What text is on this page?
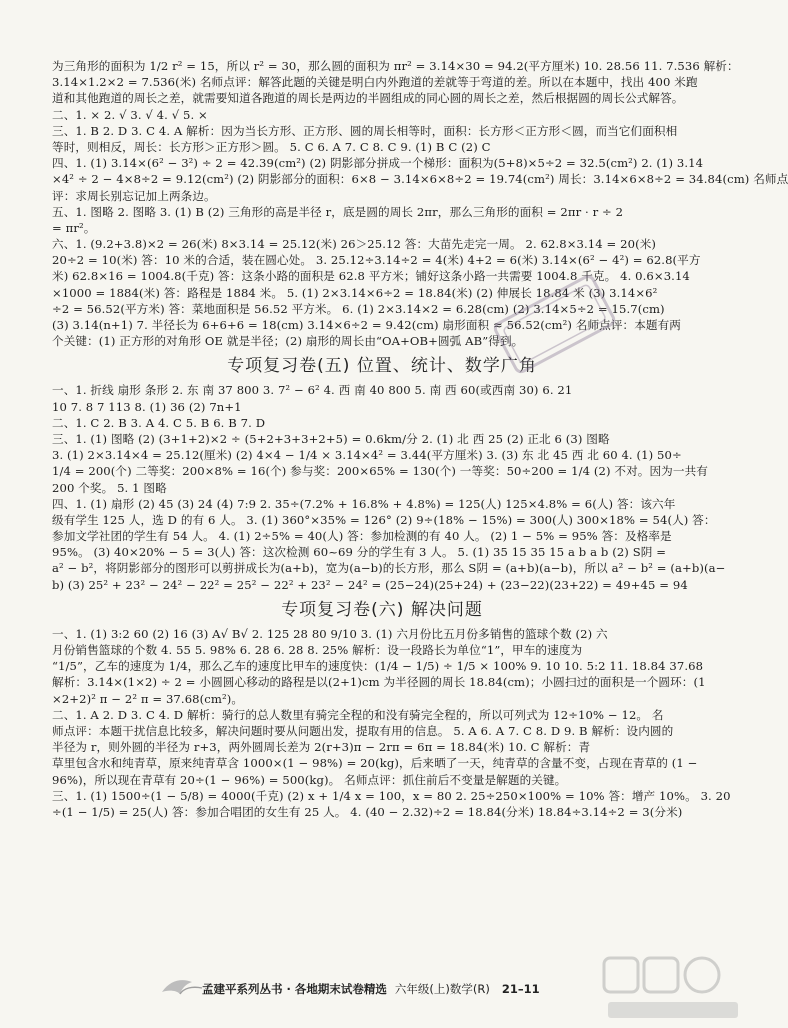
为三角形的面积为 1/2 r² = 15，所以 r² = 30，那么圆的面积为 πr² = 3.14×30 = 94.2(平方厘米) 10. 28.56 11. 7.536 解析：
3.14×1.2×2 = 7.536(米) 名师点评：解答此题的关键是明白内外跑道的差就等于弯道的差。所以在本题中，找出 400 米跑
道和其他跑道的周长之差，就需要知道各跑道的周长是两边的半圆组成的同心圆的周长之差，然后根据圆的周长公式解答。
二、1. × 2. √ 3. √ 4. √ 5. ×
三、1. B 2. D 3. C 4. A 解析：因为当长方形、正方形、圆的周长相等时，面积：长方形＜正方形＜圆，而当它们面积相
等时，则相反，周长：长方形＞正方形＞圆。 5. C 6. A 7. C 8. C 9. (1) B C (2) C
四、1. (1) 3.14×(6² − 3²) ÷ 2 = 42.39(cm²) (2) 阴影部分拼成一个梯形：面积为(5+8)×5÷2 = 32.5(cm²) 2. (1) 3.14
×4² ÷ 2 − 4×8÷2 = 9.12(cm²) (2) 阴影部分的面积：6×8 − 3.14×6×8÷2 = 19.74(cm²) 周长：3.14×6×8÷2 = 34.84(cm) 名师点
评：求周长别忘记加上两条边。
五、1. 图略 2. 图略 3. (1) B (2) 三角形的高是半径 r，底是圆的周长 2πr，那么三角形的面积 = 2πr · r ÷ 2
= πr²。
六、1. (9.2+3.8)×2 = 26(米) 8×3.14 = 25.12(米) 26＞25.12 答：大苗先走完一周。 2. 62.8×3.14 = 20(米)
20÷2 = 10(米) 答：10 米的合适，装在圆心处。 3. 25.12÷3.14÷2 = 4(米) 4+2 = 6(米) 3.14×(6² − 4²) = 62.8(平方
米) 62.8×16 = 1004.8(千克) 答：这条小路的面积是 62.8 平方米；铺好这条小路一共需要 1004.8 千克。 4. 0.6×3.14
×1000 = 1884(米) 答：路程是 1884 米。 5. (1) 2×3.14×6÷2 = 18.84(米) (2) 伸展长 18.84 米 (3) 3.14×6²
÷2 = 56.52(平方米) 答：菜地面积是 56.52 平方米。 6. (1) 2×3.14×2 = 6.28(cm) (2) 3.14×5÷2 = 15.7(cm)
(3) 3.14(n+1) 7. 半径长为 6+6+6 = 18(cm) 3.14×6÷2 = 9.42(cm) 扇形面积 ≈ 56.52(cm²) 名师点评：本题有两
个关键：(1) 正方形的对角形 OE 就是半径；(2) 扇形的周长由“OA+OB+圆弧 AB”得到。
专项复习卷(五) 位置、统计、数学广角
一、1. 折线 扇形 条形 2. 东 南 37 800 3. 7² − 6² 4. 西 南 40 800 5. 南 西 60(或西南 30) 6. 21
10 7. 8 7 113 8. (1) 36 (2) 7n+1
二、1. C 2. B 3. A 4. C 5. B 6. B 7. D
三、1. (1) 图略 (2) (3+1+2)×2 ÷ (5+2+3+3+2+5) = 0.6km/分 2. (1) 北 西 25 (2) 正北 6 (3) 图略
3. (1) 2×3.14×4 = 25.12(厘米) (2) 4×4 − 1/4 × 3.14×4² = 3.44(平方厘米) 3. (3) 东 北 45 西 北 60 4. (1) 50÷
1/4 = 200(个) 二等奖：200×8% = 16(个) 参与奖：200×65% = 130(个) 一等奖：50÷200 = 1/4 (2) 不对。因为一共有
200 个奖。 5. 1 图略
四、1. (1) 扇形 (2) 45 (3) 24 (4) 7:9 2. 35÷(7.2% + 16.8% + 4.8%) = 125(人) 125×4.8% = 6(人) 答：该六年
级有学生 125 人，选 D 的有 6 人。 3. (1) 360°×35% = 126° (2) 9÷(18% − 15%) = 300(人) 300×18% = 54(人) 答：
参加文学社团的学生有 54 人。 4. (1) 2÷5% = 40(人) 答：参加检测的有 40 人。 (2) 1 − 5% = 95% 答：及格率是
95%。 (3) 40×20% − 5 = 3(人) 答：这次检测 60~69 分的学生有 3 人。 5. (1) 35 15 35 15 a b a b (2) S阴 =
a² − b²，将阴影部分的图形可以剪拼成长为(a+b)，宽为(a−b)的长方形，那么 S阴 = (a+b)(a−b)，所以 a² − b² = (a+b)(a−
b) (3) 25² + 23² − 24² − 22² = 25² − 22² + 23² − 24² = (25−24)(25+24) + (23−22)(23+22) = 49+45 = 94
专项复习卷(六) 解决问题
一、1. (1) 3:2 60 (2) 16 (3) A√ B√ 2. 125 28 80 9/10 3. (1) 六月份比五月份多销售的篮球个数 (2) 六
月份销售篮球的个数 4. 55 5. 98% 6. 28 6. 28 8. 25% 解析：设一段路长为单位“1”，甲车的速度为
“1/5”，乙车的速度为 1/4，那么乙车的速度比甲车的速度快：(1/4 − 1/5) ÷ 1/5 × 100% 9. 10 10. 5:2 11. 18.84 37.68
解析：3.14×(1×2) ÷ 2 = 小圆圆心移动的路程是以(2+1)cm 为半径圆的周长 18.84(cm)；小圆扫过的面积是一个圆环：(1
×2+2)² π − 2² π = 37.68(cm²)。
二、1. A 2. D 3. C 4. D 解析：骑行的总人数里有骑完全程的和没有骑完全程的，所以可列式为 12÷10% − 12。 名
师点评：本题干扰信息比较多，解决问题时要从问题出发，提取有用的信息。 5. A 6. A 7. C 8. D 9. B 解析：设内圆的
半径为 r，则外圆的半径为 r+3，两外圆周长差为 2(r+3)π − 2rπ = 6π = 18.84(米) 10. C 解析：青
草里包含水和纯青草，原来纯青草含 1000×(1 − 98%) = 20(kg)，后来晒了一天，纯青草的含量不变，占现在青草的 (1 −
96%)，所以现在青草有 20÷(1 − 96%) = 500(kg)。 名师点评：抓住前后不变量是解题的关键。
三、1. (1) 1500÷(1 − 5/8) = 4000(千克) (2) x + 1/4 x = 100，x = 80 2. 25÷250×100% = 10% 答：增产 10%。 3. 20
÷(1 − 1/5) = 25(人) 答：参加合唱团的女生有 25 人。 4. (40 − 2.32)÷2 = 18.84(分米) 18.84÷3.14÷2 = 3(分米)
孟建平系列丛书 · 各地期末试卷精选 六年级(上)数学(R) 21–11
